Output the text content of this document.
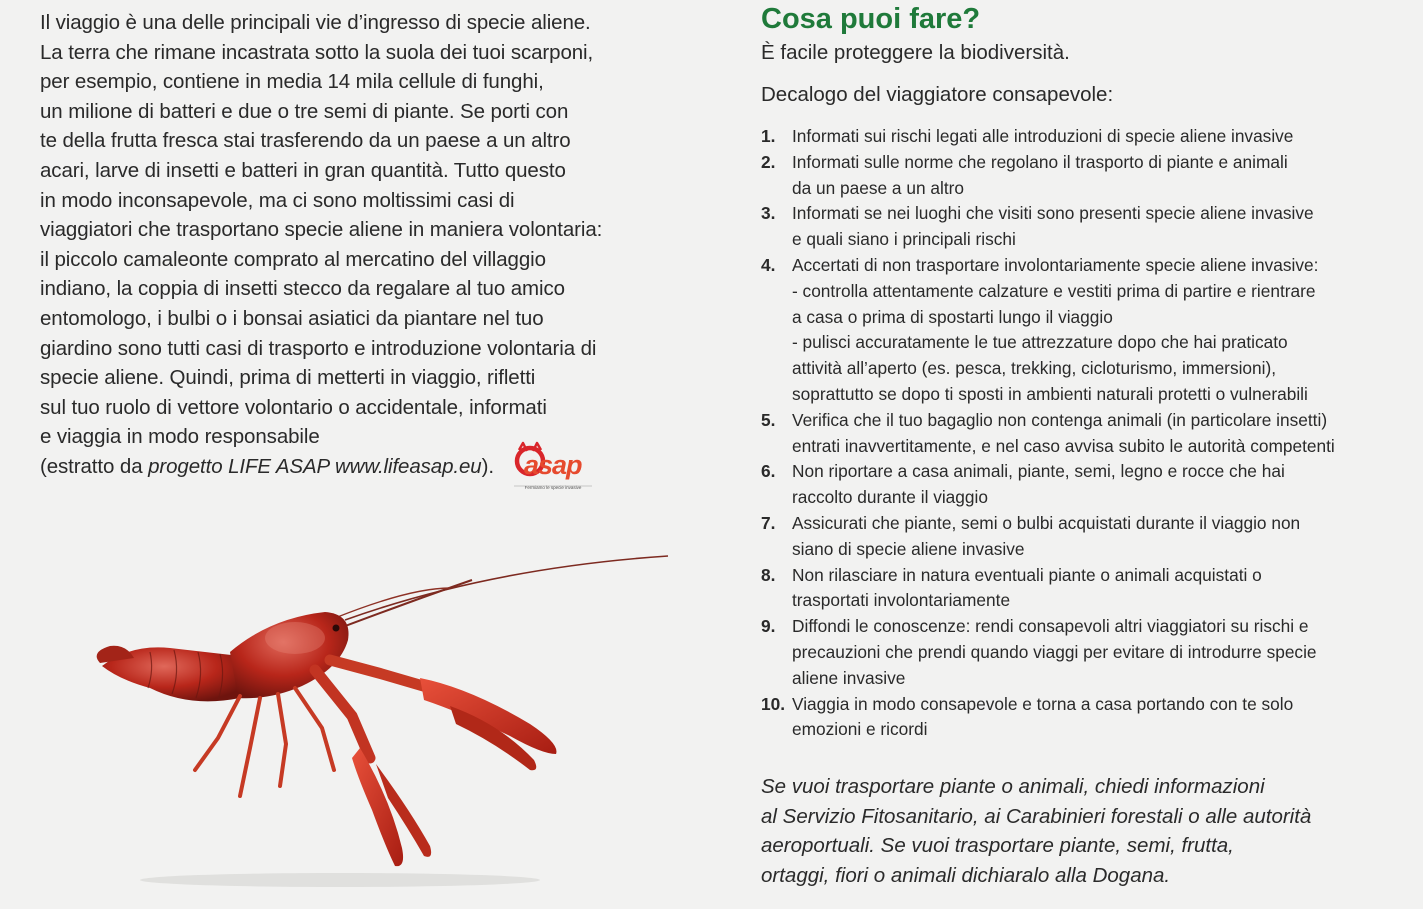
Il viaggio è una delle principali vie d’ingresso di specie aliene.
La terra che rimane incastrata sotto la suola dei tuoi scarponi,
per esempio, contiene in media 14 mila cellule di funghi,
un milione di batteri e due o tre semi di piante. Se porti con
te della frutta fresca stai trasferendo da un paese a un altro
acari, larve di insetti e batteri in gran quantità. Tutto questo
in modo inconsapevole, ma ci sono moltissimi casi di
viaggiatori che trasportano specie aliene in maniera volontaria:
il piccolo camaleonte comprato al mercatino del villaggio
indiano, la coppia di insetti stecco da regalare al tuo amico
entomologo, i bulbi o i bonsai asiatici da piantare nel tuo
giardino sono tutti casi di trasporto e introduzione volontaria di
specie aliene. Quindi, prima di metterti in viaggio, rifletti
sul tuo ruolo di vettore volontario o accidentale, informati
e viaggia in modo responsabile
(estratto da progetto LIFE ASAP www.lifeasap.eu).	asap
Fermiamo le specie invasive
Cosa puoi fare?
È facile proteggere la biodiversità.
Decalogo del viaggiatore consapevole:
1. Informati sui rischi legati alle introduzioni di specie aliene invasive
2. Informati sulle norme che regolano il trasporto di piante e animali
da un paese a un altro
3. Informati se nei luoghi che visiti sono presenti specie aliene invasive
e quali siano i principali rischi
4. Accertati di non trasportare involontariamente specie aliene invasive:
- controlla attentamente calzature e vestiti prima di partire e rientrare
a casa o prima di spostarti lungo il viaggio
- pulisci accuratamente le tue attrezzature dopo che hai praticato
attività all’aperto (es. pesca, trekking, cicloturismo, immersioni),
soprattutto se dopo ti sposti in ambienti naturali protetti o vulnerabili
5. Verifica che il tuo bagaglio non contenga animali (in particolare insetti)
entrati inavvertitamente, e nel caso avvisa subito le autorità competenti
6. Non riportare a casa animali, piante, semi, legno e rocce che hai
raccolto durante il viaggio
7. Assicurati che piante, semi o bulbi acquistati durante il viaggio non
siano di specie aliene invasive
8. Non rilasciare in natura eventuali piante o animali acquistati o
trasportati involontariamente
9. Diffondi le conoscenze: rendi consapevoli altri viaggiatori su rischi e
precauzioni che prendi quando viaggi per evitare di introdurre specie
aliene invasive
10. Viaggia in modo consapevole e torna a casa portando con te solo
emozioni e ricordi
Se vuoi trasportare piante o animali, chiedi informazioni
al Servizio Fitosanitario, ai Carabinieri forestali o alle autorità
aeroportuali. Se vuoi trasportare piante, semi, frutta,
ortaggi, fiori o animali dichiaralo alla Dogana.
